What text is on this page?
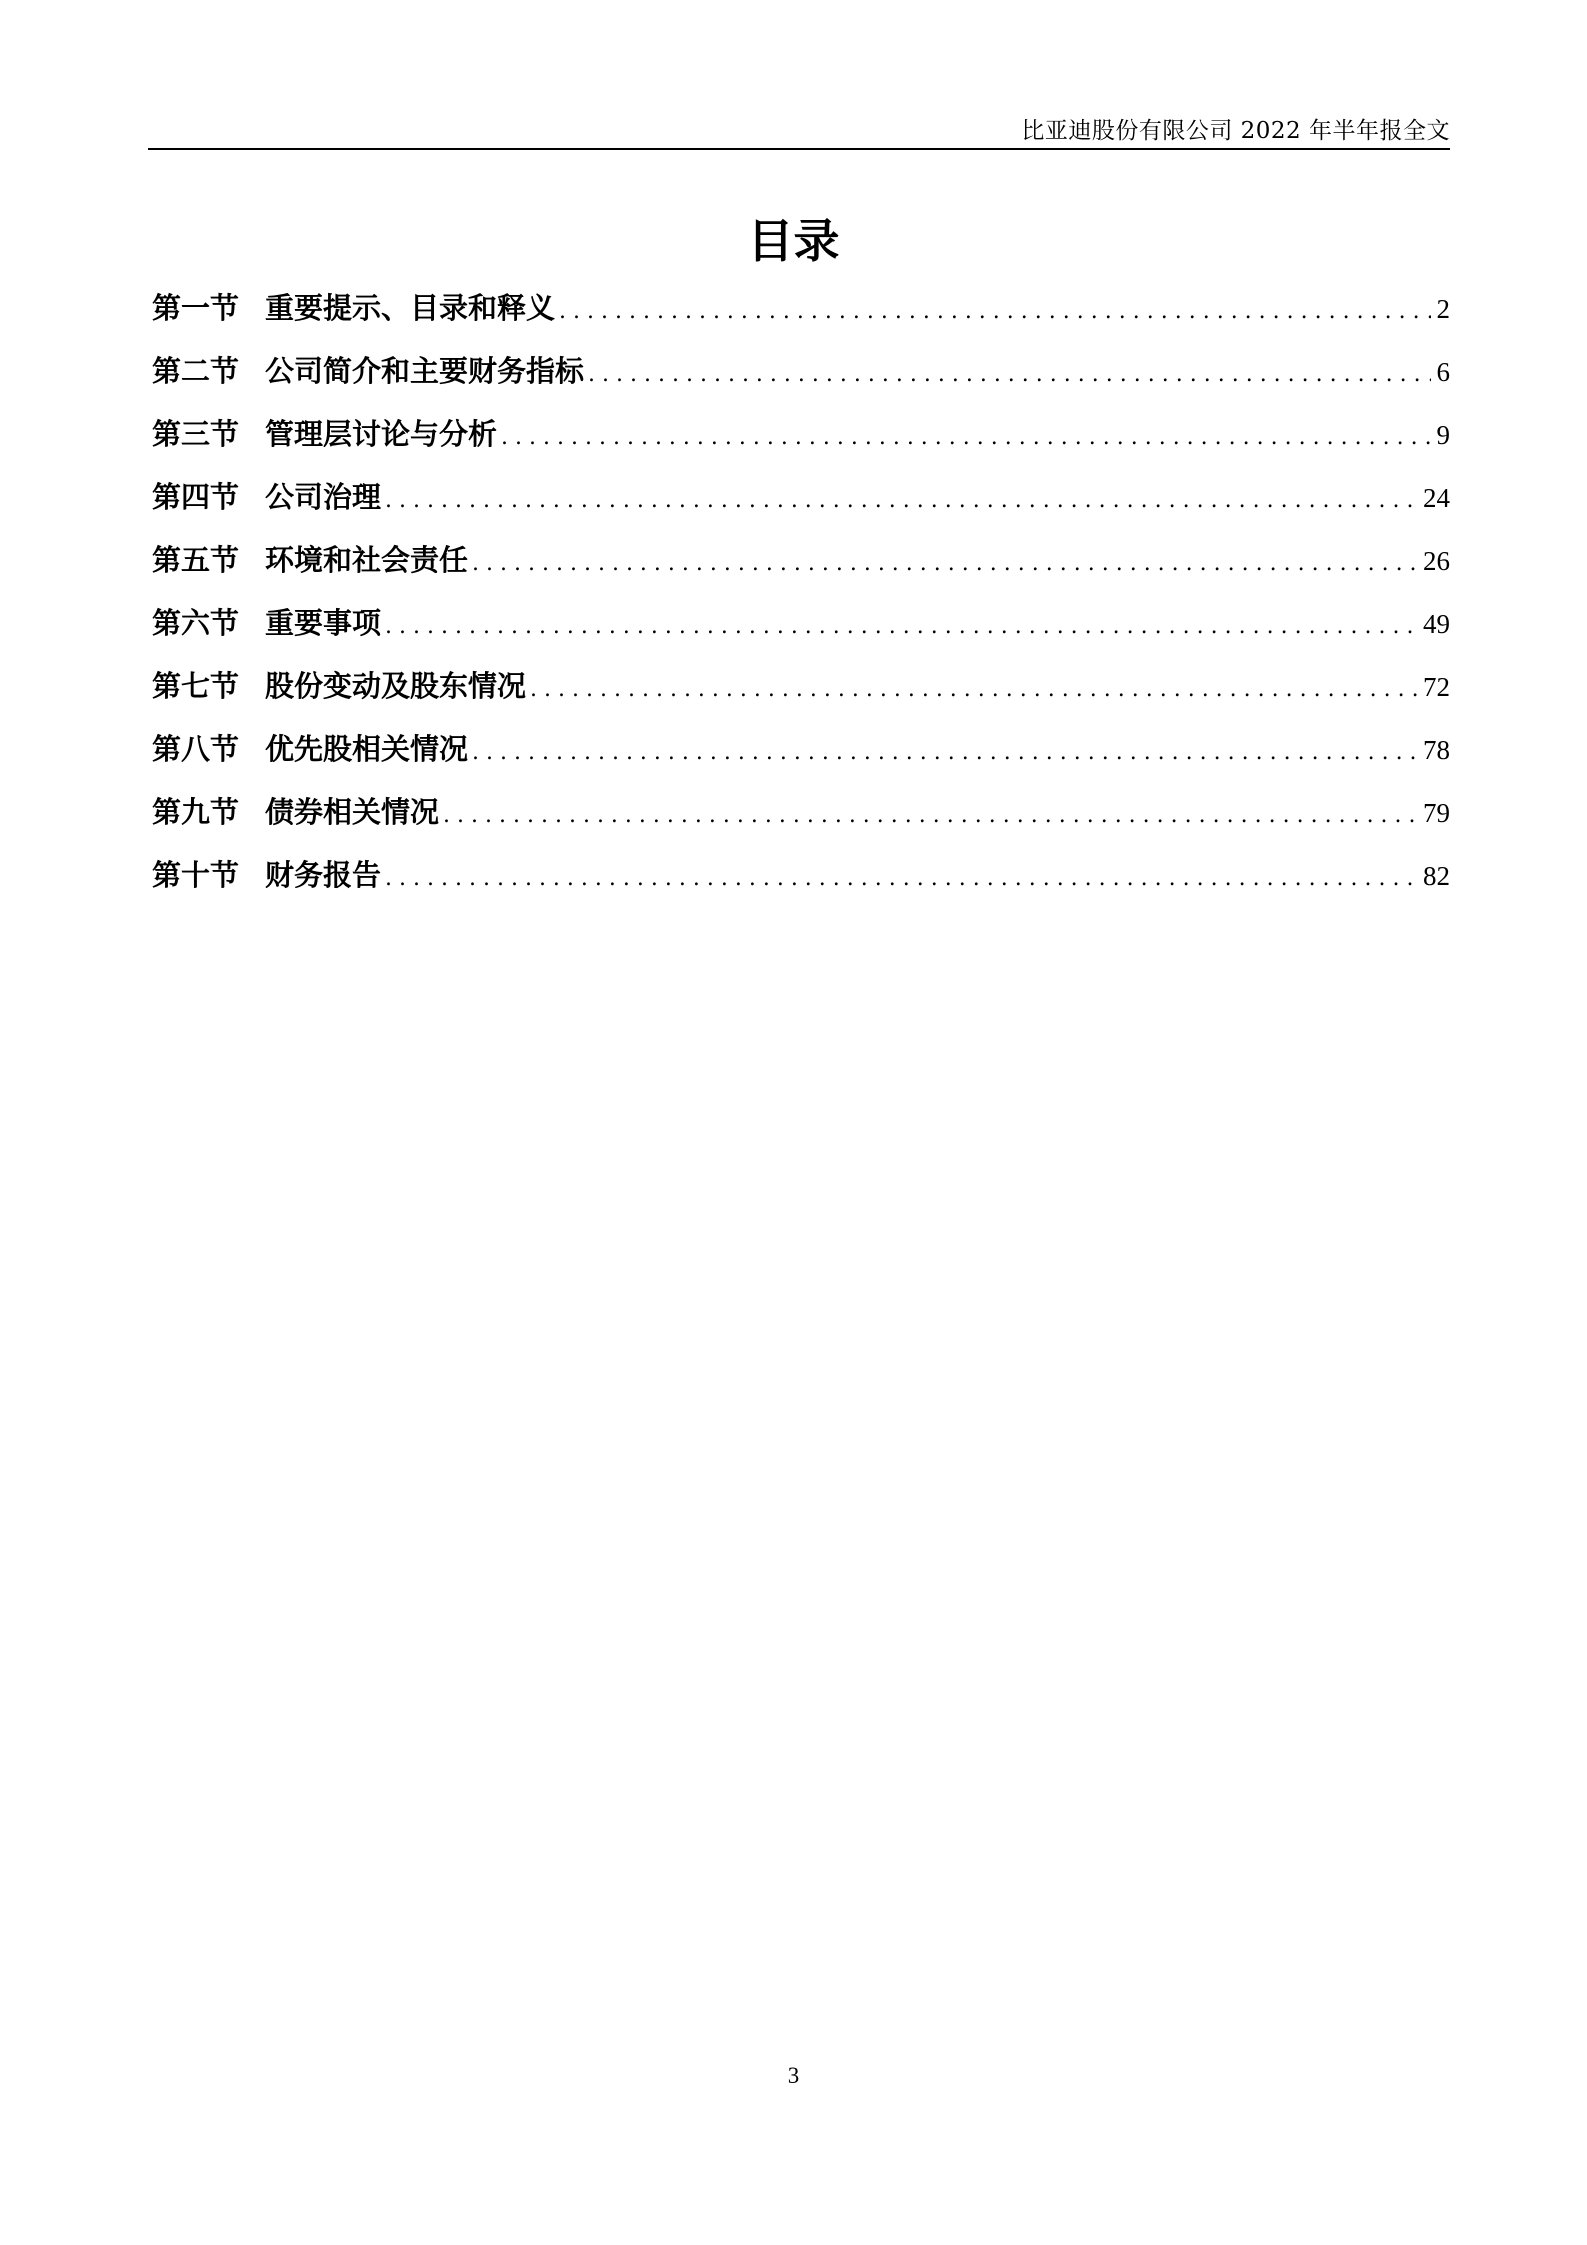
比亚迪股份有限公司 2022 年半年报全文
目录
第一节 重要提示、目录和释义 .....	2
第二节 公司简介和主要财务指标 .....	6
第三节 管理层讨论与分析 .....	9
第四节 公司治理 .....	24
第五节 环境和社会责任 .....	26
第六节 重要事项 .....	49
第七节 股份变动及股东情况 .....	72
第八节 优先股相关情况 .....	78
第九节 债券相关情况 .....	79
第十节 财务报告 .....	82
3
